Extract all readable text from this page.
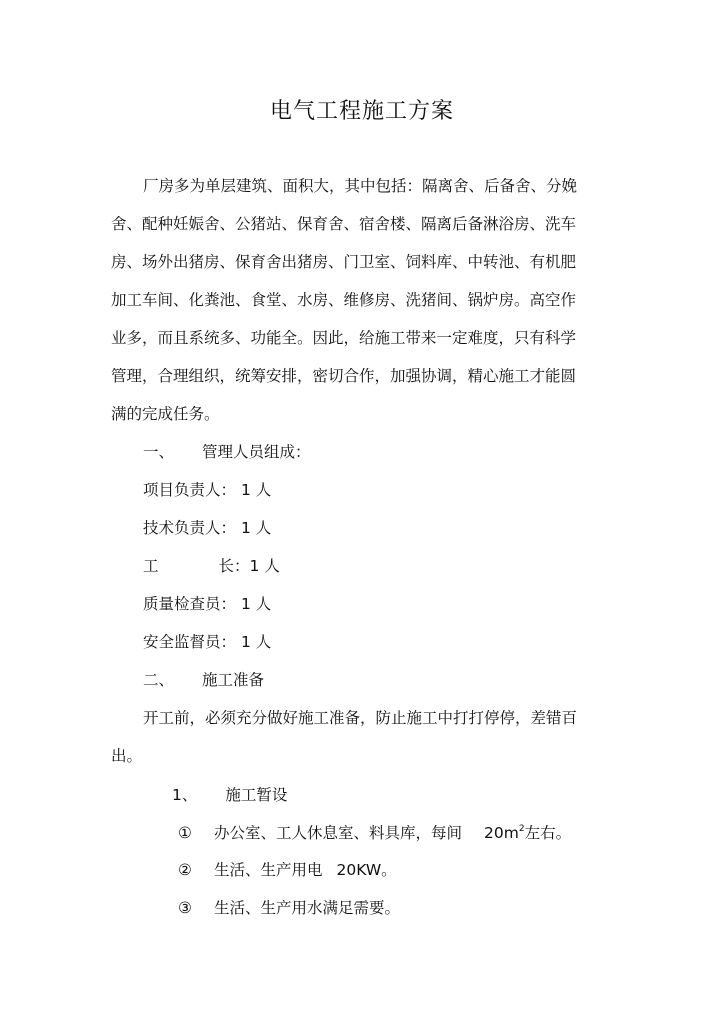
电气工程施工方案
厂房多为单层建筑、面积大，其中包括：隔离舍、后备舍、分娩
舍、配种妊娠舍、公猪站、保育舍、宿舍楼、隔离后备淋浴房、洗车
房、场外出猪房、保育舍出猪房、门卫室、饲料库、中转池、有机肥
加工车间、化粪池、食堂、水房、维修房、洗猪间、锅炉房。高空作
业多，而且系统多、功能全。因此，给施工带来一定难度，只有科学
管理，合理组织，统筹安排，密切合作，加强协调，精心施工才能圆
满的完成任务。
一、 管理人员组成：
项目负责人： 1 人
技术负责人： 1 人
工	长：1 人
质量检查员： 1 人
安全监督员： 1 人
二、 施工准备
开工前，必须充分做好施工准备，防止施工中打打停停，差错百
出。
1、 施工暂设
① 办公室、工人休息室、料具库，每间 $20m^2$左右。
② 生活、生产用电 20KW。
③ 生活、生产用水满足需要。
